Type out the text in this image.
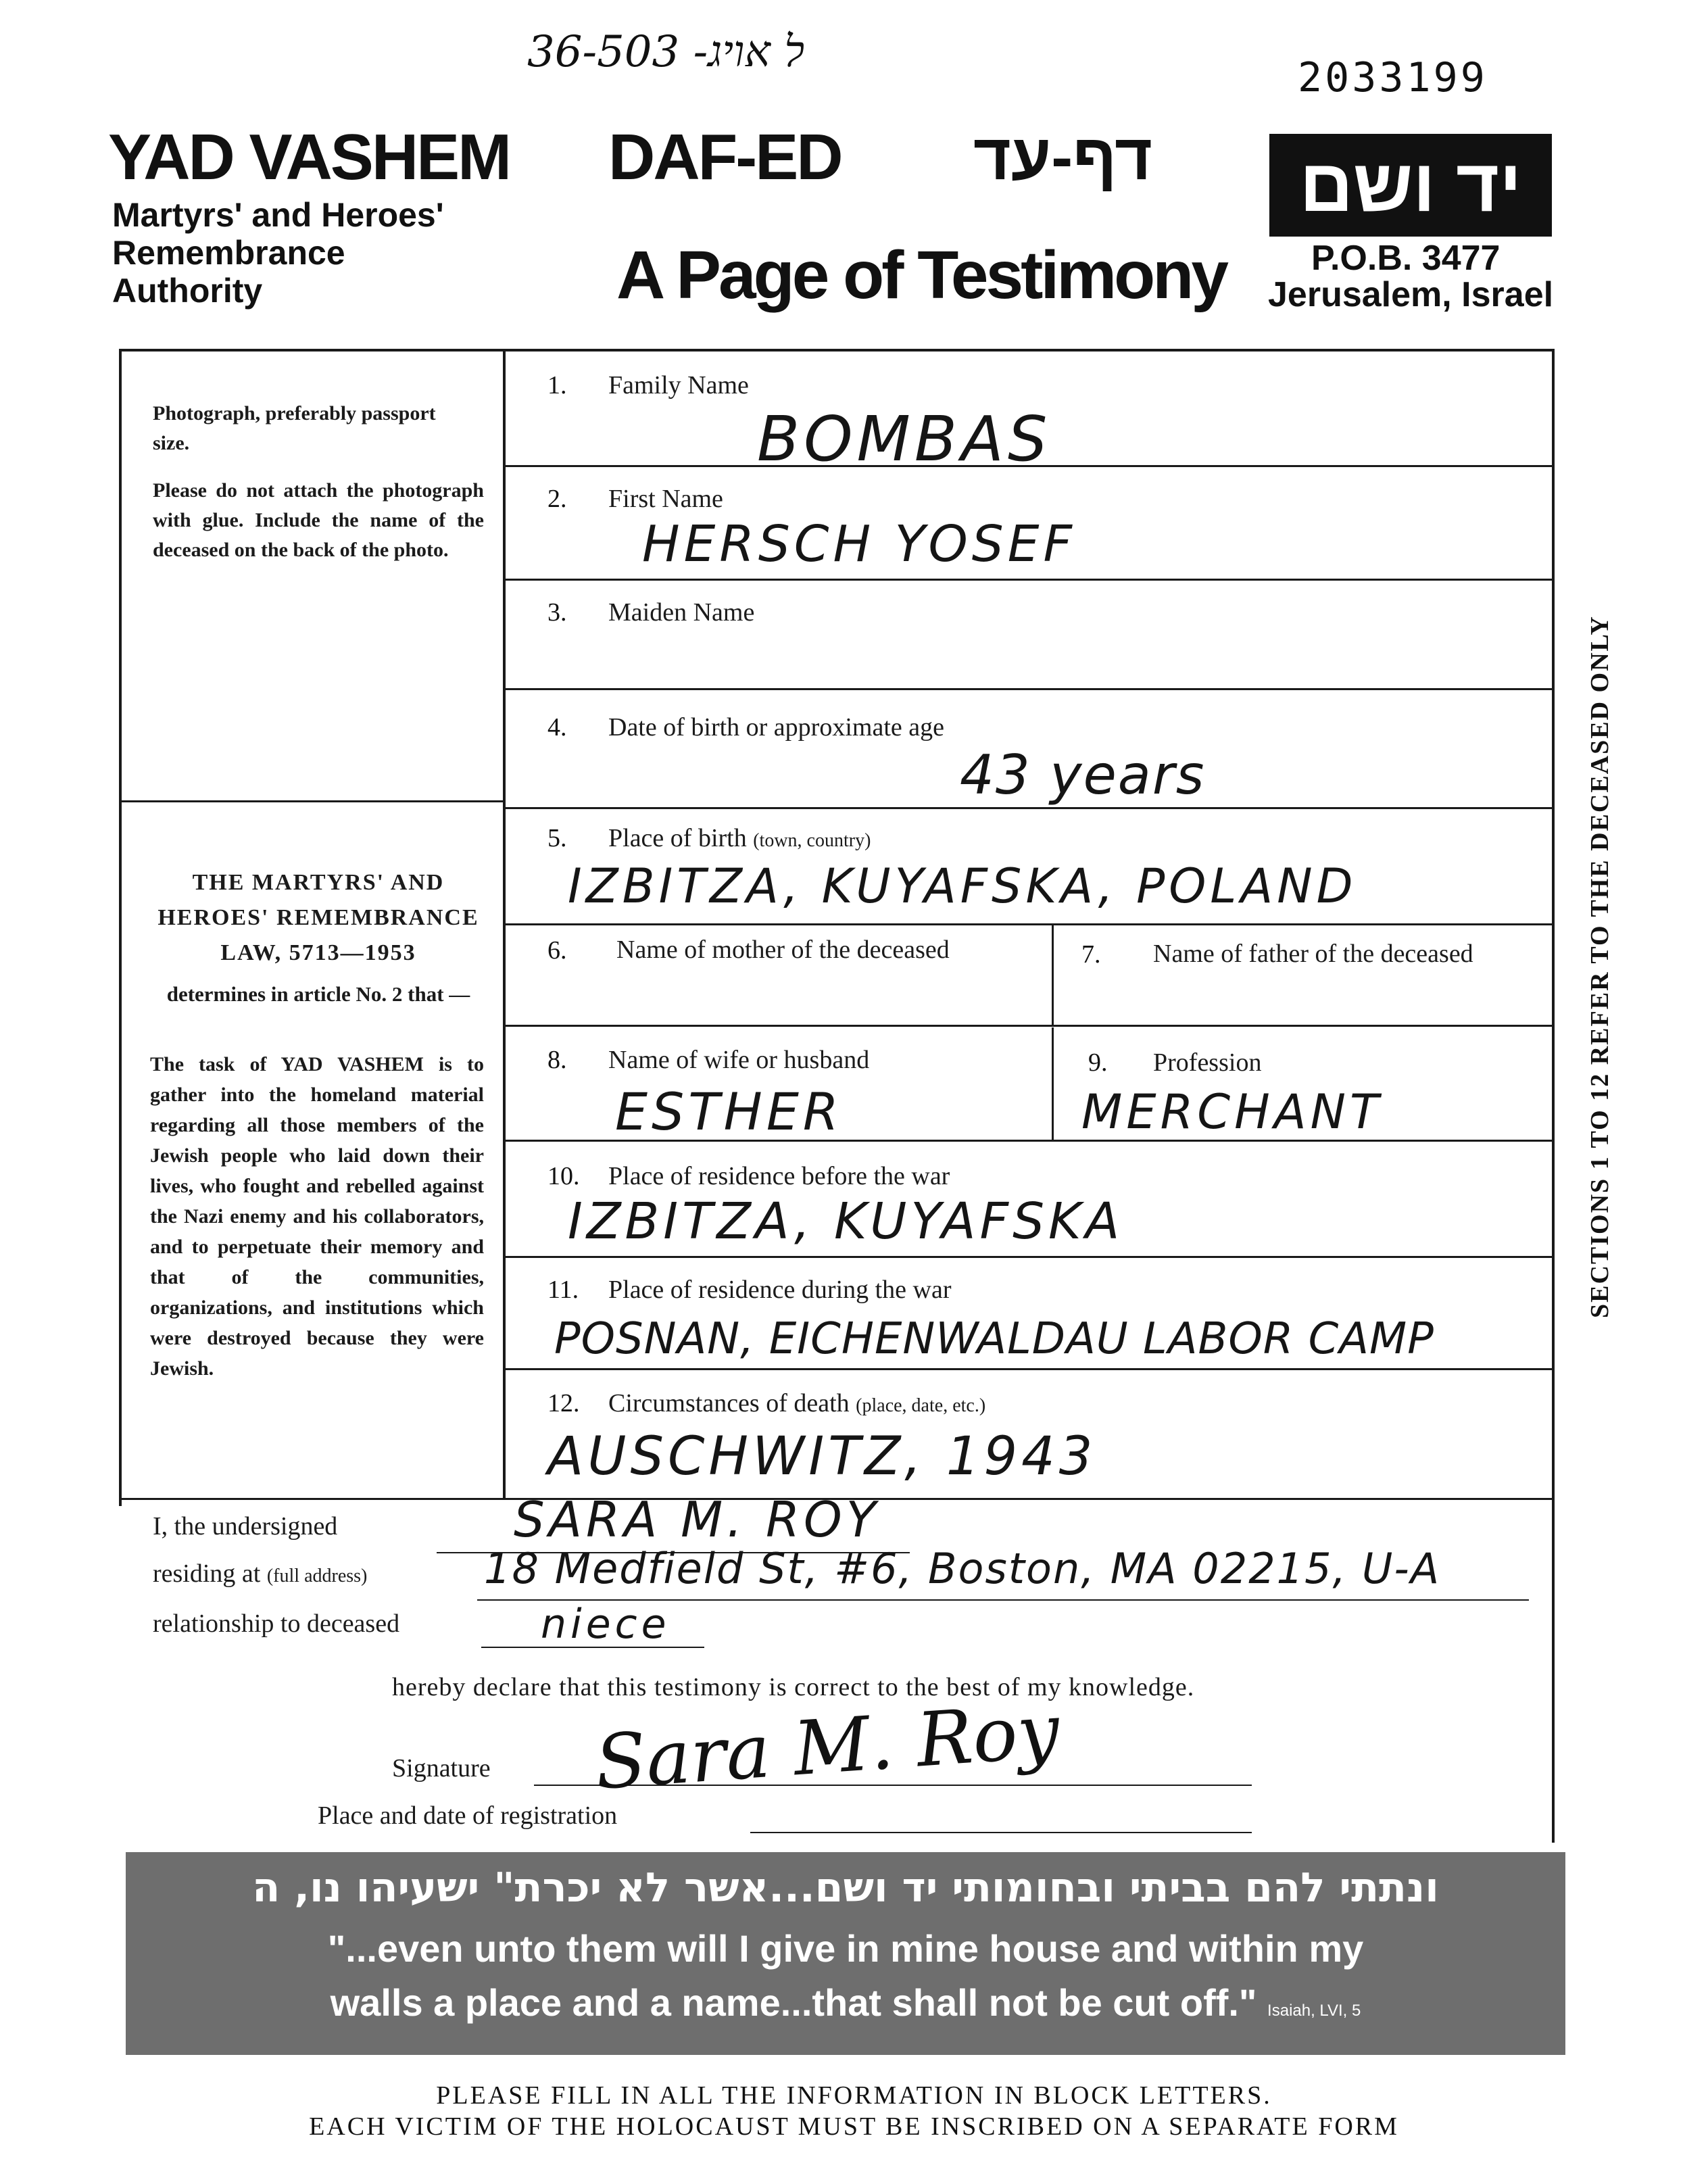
36-503 -ל אויג
2033199
YAD VASHEM
Martyrs' and Heroes'
Remembrance
Authority
DAF-ED דף-עד
A Page of Testimony
יד ושם
P.O.B. 3477
Jerusalem, Israel
Photograph, preferably passport size.
Please do not attach the photograph with glue. Include the name of the deceased on the back of the photo.
THE MARTYRS' AND HEROES' REMEMBRANCE LAW, 5713—1953
determines in article No. 2 that —
The task of YAD VASHEM is to gather into the homeland material regarding all those members of the Jewish people who laid down their lives, who fought and rebelled against the Nazi enemy and his collaborators, and to perpetuate their memory and that of the communities, organizations, and institutions which were destroyed because they were Jewish.
1. Family Name
BOMBAS
2. First Name
HERSCH YOSEF
3. Maiden Name
4. Date of birth or approximate age
43 years
5. Place of birth (town, country)
IZBITZA, KUYAFSKA, POLAND
6. Name of mother of the deceased	7. Name of father of the deceased
8. Name of wife or husband
ESTHER
9. Profession
MERCHANT
10. Place of residence before the war
IZBITZA, KUYAFSKA
11. Place of residence during the war
POSNAN, EICHENWALDAU LABOR CAMP
12. Circumstances of death (place, date, etc.)
AUSCHWITZ, 1943
SECTIONS 1 TO 12 REFER TO THE DECEASED ONLY
I, the undersigned	SARA M. ROY
residing at (full address)	18 Medfield St, #6, Boston, MA 02215, U-A
relationship to deceased	niece
hereby declare that this testimony is correct to the best of my knowledge.
Signature Sara M. Roy
Place and date of registration
ונתתי להם בביתי ובחומותי יד ושם...אשר לא יכרת" ישעיהו נו, ה
"...even unto them will I give in mine house and within my
walls a place and a name...that shall not be cut off." Isaiah, LVI, 5
PLEASE FILL IN ALL THE INFORMATION IN BLOCK LETTERS.
EACH VICTIM OF THE HOLOCAUST MUST BE INSCRIBED ON A SEPARATE FORM
